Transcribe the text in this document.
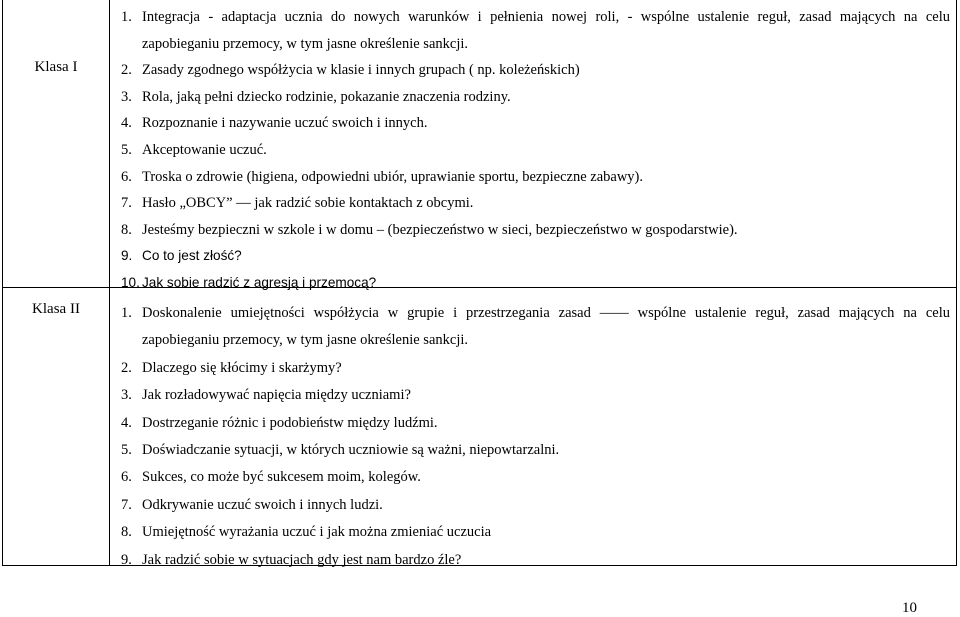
Klasa I
Klasa II
1. Integracja - adaptacja ucznia do nowych warunków i pełnienia nowej roli, - wspólne ustalenie reguł, zasad mających na celu
zapobieganiu przemocy, w tym jasne określenie sankcji.
2. Zasady zgodnego współżycia w klasie i innych grupach ( np. koleżeńskich)
3. Rola, jaką pełni dziecko rodzinie, pokazanie znaczenia rodziny.
4. Rozpoznanie i nazywanie uczuć swoich i innych.
5. Akceptowanie uczuć.
6. Troska o zdrowie (higiena, odpowiedni ubiór, uprawianie sportu, bezpieczne zabawy).
7. Hasło „OBCY” — jak radzić sobie kontaktach z obcymi.
8. Jesteśmy bezpieczni w szkole i w domu – (bezpieczeństwo w sieci, bezpieczeństwo w gospodarstwie).
9. Co to jest złość?
10. Jak sobie radzić z agresją i przemocą?
1. Doskonalenie umiejętności współżycia w grupie i przestrzegania zasad —— wspólne ustalenie reguł, zasad mających na celu
zapobieganiu przemocy, w tym jasne określenie sankcji.
2. Dlaczego się kłócimy i skarżymy?
3. Jak rozładowywać napięcia między uczniami?
4. Dostrzeganie różnic i podobieństw między ludźmi.
5. Doświadczanie sytuacji, w których uczniowie są ważni, niepowtarzalni.
6. Sukces, co może być sukcesem moim, kolegów.
7. Odkrywanie uczuć swoich i innych ludzi.
8. Umiejętność wyrażania uczuć i jak można zmieniać uczucia
9. Jak radzić sobie w sytuacjach gdy jest nam bardzo źle?
10
